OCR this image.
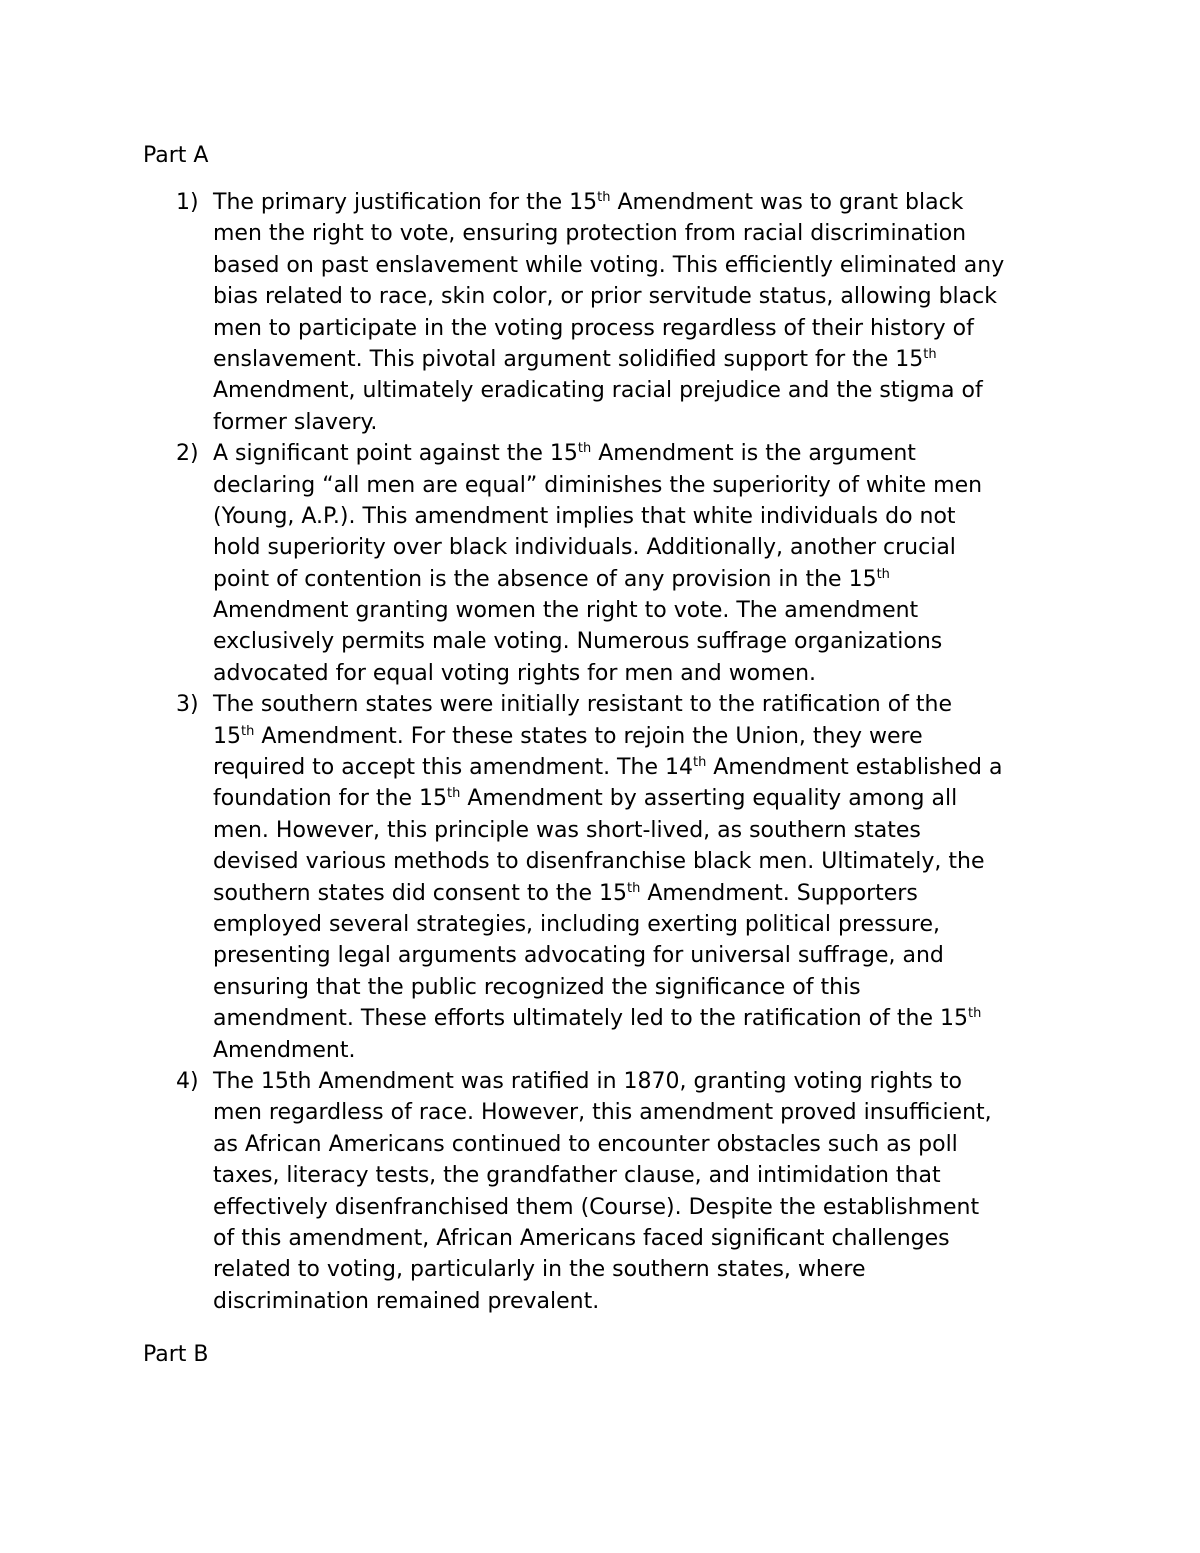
Part A
1) The primary justification for the 15th Amendment was to grant black
men the right to vote, ensuring protection from racial discrimination
based on past enslavement while voting. This efficiently eliminated any
bias related to race, skin color, or prior servitude status, allowing black
men to participate in the voting process regardless of their history of
enslavement. This pivotal argument solidified support for the 15th
Amendment, ultimately eradicating racial prejudice and the stigma of
former slavery.
2) A significant point against the 15th Amendment is the argument
declaring “all men are equal” diminishes the superiority of white men
(Young, A.P.). This amendment implies that white individuals do not
hold superiority over black individuals. Additionally, another crucial
point of contention is the absence of any provision in the 15th
Amendment granting women the right to vote. The amendment
exclusively permits male voting. Numerous suffrage organizations
advocated for equal voting rights for men and women.
3) The southern states were initially resistant to the ratification of the
15th Amendment. For these states to rejoin the Union, they were
required to accept this amendment. The 14th Amendment established a
foundation for the 15th Amendment by asserting equality among all
men. However, this principle was short-lived, as southern states
devised various methods to disenfranchise black men. Ultimately, the
southern states did consent to the 15th Amendment. Supporters
employed several strategies, including exerting political pressure,
presenting legal arguments advocating for universal suffrage, and
ensuring that the public recognized the significance of this
amendment. These efforts ultimately led to the ratification of the 15th
Amendment.
4) The 15th Amendment was ratified in 1870, granting voting rights to
men regardless of race. However, this amendment proved insufficient,
as African Americans continued to encounter obstacles such as poll
taxes, literacy tests, the grandfather clause, and intimidation that
effectively disenfranchised them (Course). Despite the establishment
of this amendment, African Americans faced significant challenges
related to voting, particularly in the southern states, where
discrimination remained prevalent.
Part B
